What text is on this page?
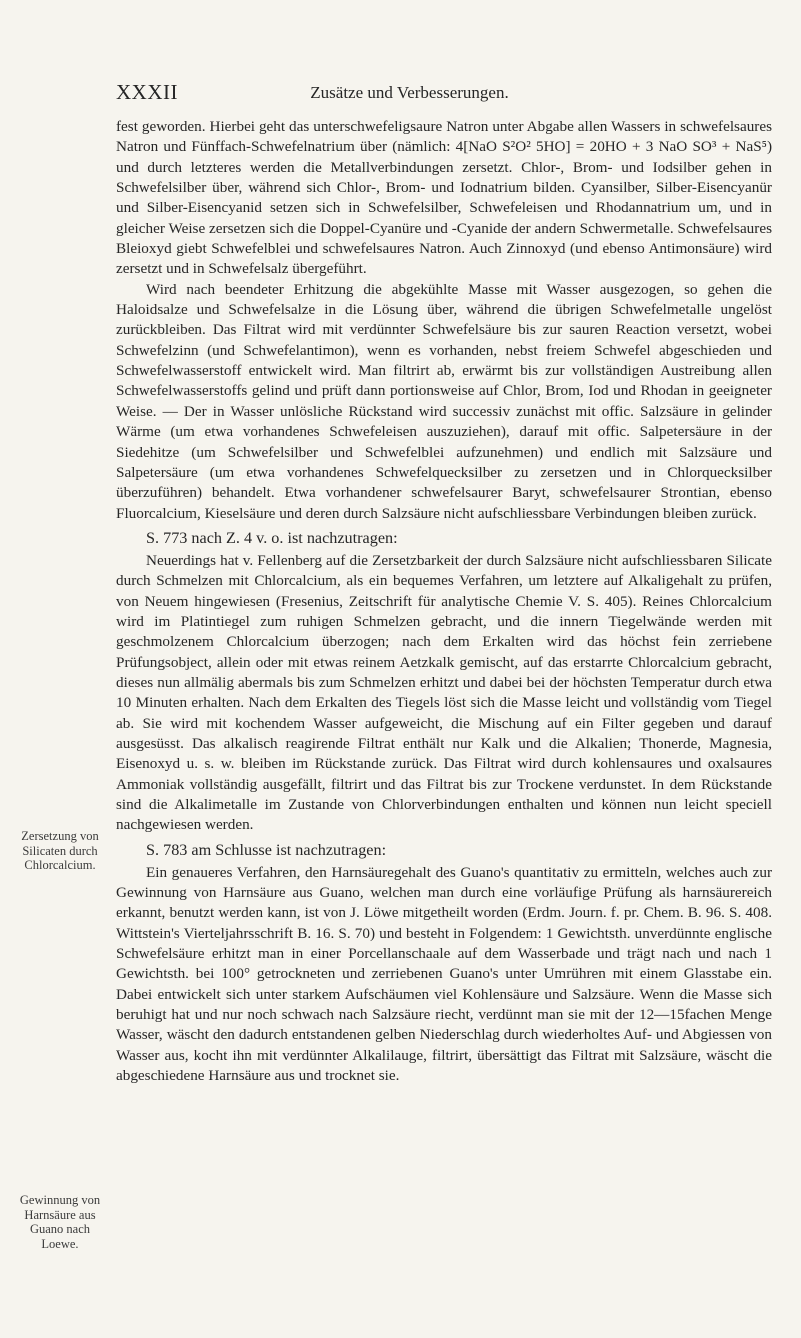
XXXII	Zusätze und Verbesserungen.

fest geworden. Hierbei geht das unterschwefeligsaure Natron unter Abgabe allen Wassers in schwefelsaures Natron und Fünffach-Schwefelnatrium über (nämlich: 4[NaO S²O² 5HO] = 20HO + 3 NaO SO³ + NaS⁵) und durch letzteres werden die Metallverbindungen zersetzt. Chlor-, Brom- und Iodsilber gehen in Schwefelsilber über, während sich Chlor-, Brom- und Iodnatrium bilden. Cyansilber, Silber-Eisencyanür und Silber-Eisencyanid setzen sich in Schwefelsilber, Schwefeleisen und Rhodannatrium um, und in gleicher Weise zersetzen sich die Doppel-Cyanüre und -Cyanide der andern Schwermetalle. Schwefelsaures Bleioxyd giebt Schwefelblei und schwefelsaures Natron. Auch Zinnoxyd (und ebenso Antimonsäure) wird zersetzt und in Schwefelsalz übergeführt.

Wird nach beendeter Erhitzung die abgekühlte Masse mit Wasser ausgezogen, so gehen die Haloidsalze und Schwefelsalze in die Lösung über, während die übrigen Schwefelmetalle ungelöst zurückbleiben. Das Filtrat wird mit verdünnter Schwefelsäure bis zur sauren Reaction versetzt, wobei Schwefelzinn (und Schwefelantimon), wenn es vorhanden, nebst freiem Schwefel abgeschieden und Schwefelwasserstoff entwickelt wird. Man filtrirt ab, erwärmt bis zur vollständigen Austreibung allen Schwefelwasserstoffs gelind und prüft dann portionsweise auf Chlor, Brom, Iod und Rhodan in geeigneter Weise. — Der in Wasser unlösliche Rückstand wird successiv zunächst mit offic. Salzsäure in gelinder Wärme (um etwa vorhandenes Schwefeleisen auszuziehen), darauf mit offic. Salpetersäure in der Siedehitze (um Schwefelsilber und Schwefelblei aufzunehmen) und endlich mit Salzsäure und Salpetersäure (um etwa vorhandenes Schwefelquecksilber zu zersetzen und in Chlorquecksilber überzuführen) behandelt. Etwa vorhandener schwefelsaurer Baryt, schwefelsaurer Strontian, ebenso Fluorcalcium, Kieselsäure und deren durch Salzsäure nicht aufschliessbare Verbindungen bleiben zurück.

S. 773 nach Z. 4 v. o. ist nachzutragen:

Neuerdings hat v. Fellenberg auf die Zersetzbarkeit der durch Salzsäure nicht aufschliessbaren Silicate durch Schmelzen mit Chlorcalcium, als ein bequemes Verfahren, um letztere auf Alkaligehalt zu prüfen, von Neuem hingewiesen (Fresenius, Zeitschrift für analytische Chemie V. S. 405). Reines Chlorcalcium wird im Platintiegel zum ruhigen Schmelzen gebracht, und die innern Tiegelwände werden mit geschmolzenem Chlorcalcium überzogen; nach dem Erkalten wird das höchst fein zerriebene Prüfungsobject, allein oder mit etwas reinem Aetzkalk gemischt, auf das erstarrte Chlorcalcium gebracht, dieses nun allmälig abermals bis zum Schmelzen erhitzt und dabei bei der höchsten Temperatur durch etwa 10 Minuten erhalten. Nach dem Erkalten des Tiegels löst sich die Masse leicht und vollständig vom Tiegel ab. Sie wird mit kochendem Wasser aufgeweicht, die Mischung auf ein Filter gegeben und darauf ausgesüsst. Das alkalisch reagirende Filtrat enthält nur Kalk und die Alkalien; Thonerde, Magnesia, Eisenoxyd u. s. w. bleiben im Rückstande zurück. Das Filtrat wird durch kohlensaures und oxalsaures Ammoniak vollständig ausgefällt, filtrirt und das Filtrat bis zur Trockene verdunstet. In dem Rückstande sind die Alkalimetalle im Zustande von Chlorverbindungen enthalten und können nun leicht speciell nachgewiesen werden.

S. 783 am Schlusse ist nachzutragen:

Ein genaueres Verfahren, den Harnsäuregehalt des Guano's quantitativ zu ermitteln, welches auch zur Gewinnung von Harnsäure aus Guano, welchen man durch eine vorläufige Prüfung als harnsäurereich erkannt, benutzt werden kann, ist von J. Löwe mitgetheilt worden (Erdm. Journ. f. pr. Chem. B. 96. S. 408. Wittstein's Vierteljahrsschrift B. 16. S. 70) und besteht in Folgendem: 1 Gewichtsth. unverdünnte englische Schwefelsäure erhitzt man in einer Porcellanschaale auf dem Wasserbade und trägt nach und nach 1 Gewichtsth. bei 100° getrockneten und zerriebenen Guano's unter Umrühren mit einem Glasstabe ein. Dabei entwickelt sich unter starkem Aufschäumen viel Kohlensäure und Salzsäure. Wenn die Masse sich beruhigt hat und nur noch schwach nach Salzsäure riecht, verdünnt man sie mit der 12—15fachen Menge Wasser, wäscht den dadurch entstandenen gelben Niederschlag durch wiederholtes Auf- und Abgiessen von Wasser aus, kocht ihn mit verdünnter Alkalilauge, filtrirt, übersättigt das Filtrat mit Salzsäure, wäscht die abgeschiedene Harnsäure aus und trocknet sie.

Zersetzung von Silicaten durch Chlorcalcium.
Gewinnung von Harnsäure aus Guano nach Loewe.
